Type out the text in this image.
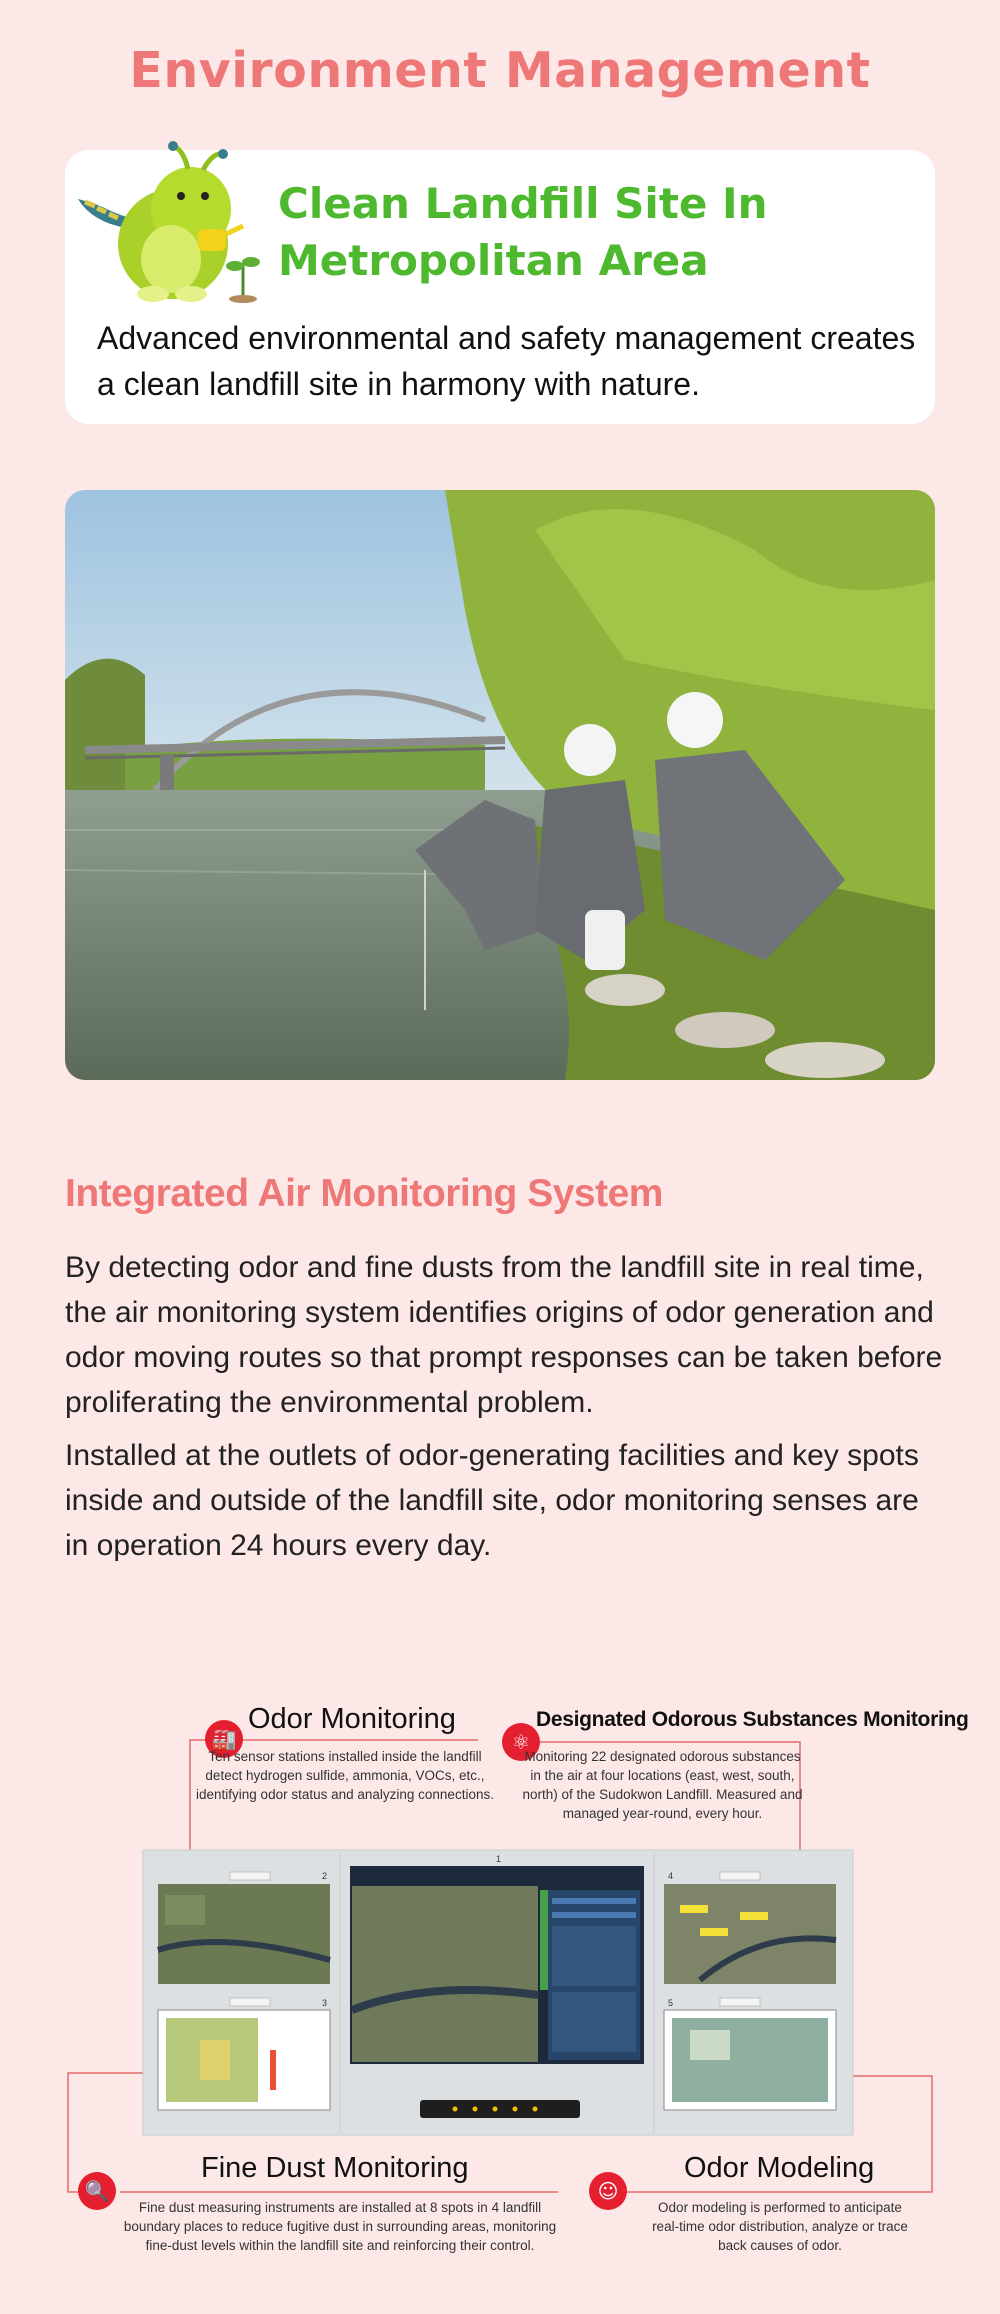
Environment Management
Clean Landfill Site In
Metropolitan Area
Advanced environmental and safety management creates a clean landfill site in harmony with nature.
Integrated Air Monitoring System
By detecting odor and fine dusts from the landfill site in real time, the air monitoring system identifies origins of odor generation and odor moving routes so that prompt responses can be taken before proliferating the environmental problem.
Installed at the outlets of odor-generating facilities and key spots inside and outside of the landfill site, odor monitoring senses are in operation 24 hours every day.
2
3
1
4
5
🏭
Odor Monitoring
Ten sensor stations installed inside the landfill detect hydrogen sulfide, ammonia, VOCs, etc., identifying odor status and analyzing connections.
⚛
Designated Odorous Substances Monitoring
Monitoring 22 designated odorous substances in the air at four locations (east, west, south, north) of the Sudokwon Landfill. Measured and managed year-round, every hour.
🔍
Fine Dust Monitoring
Fine dust measuring instruments are installed at 8 spots in 4 landfill boundary places to reduce fugitive dust in surrounding areas, monitoring fine-dust levels within the landfill site and reinforcing their control.
☺
Odor Modeling
Odor modeling is performed to anticipate real-time odor distribution, analyze or trace back causes of odor.
